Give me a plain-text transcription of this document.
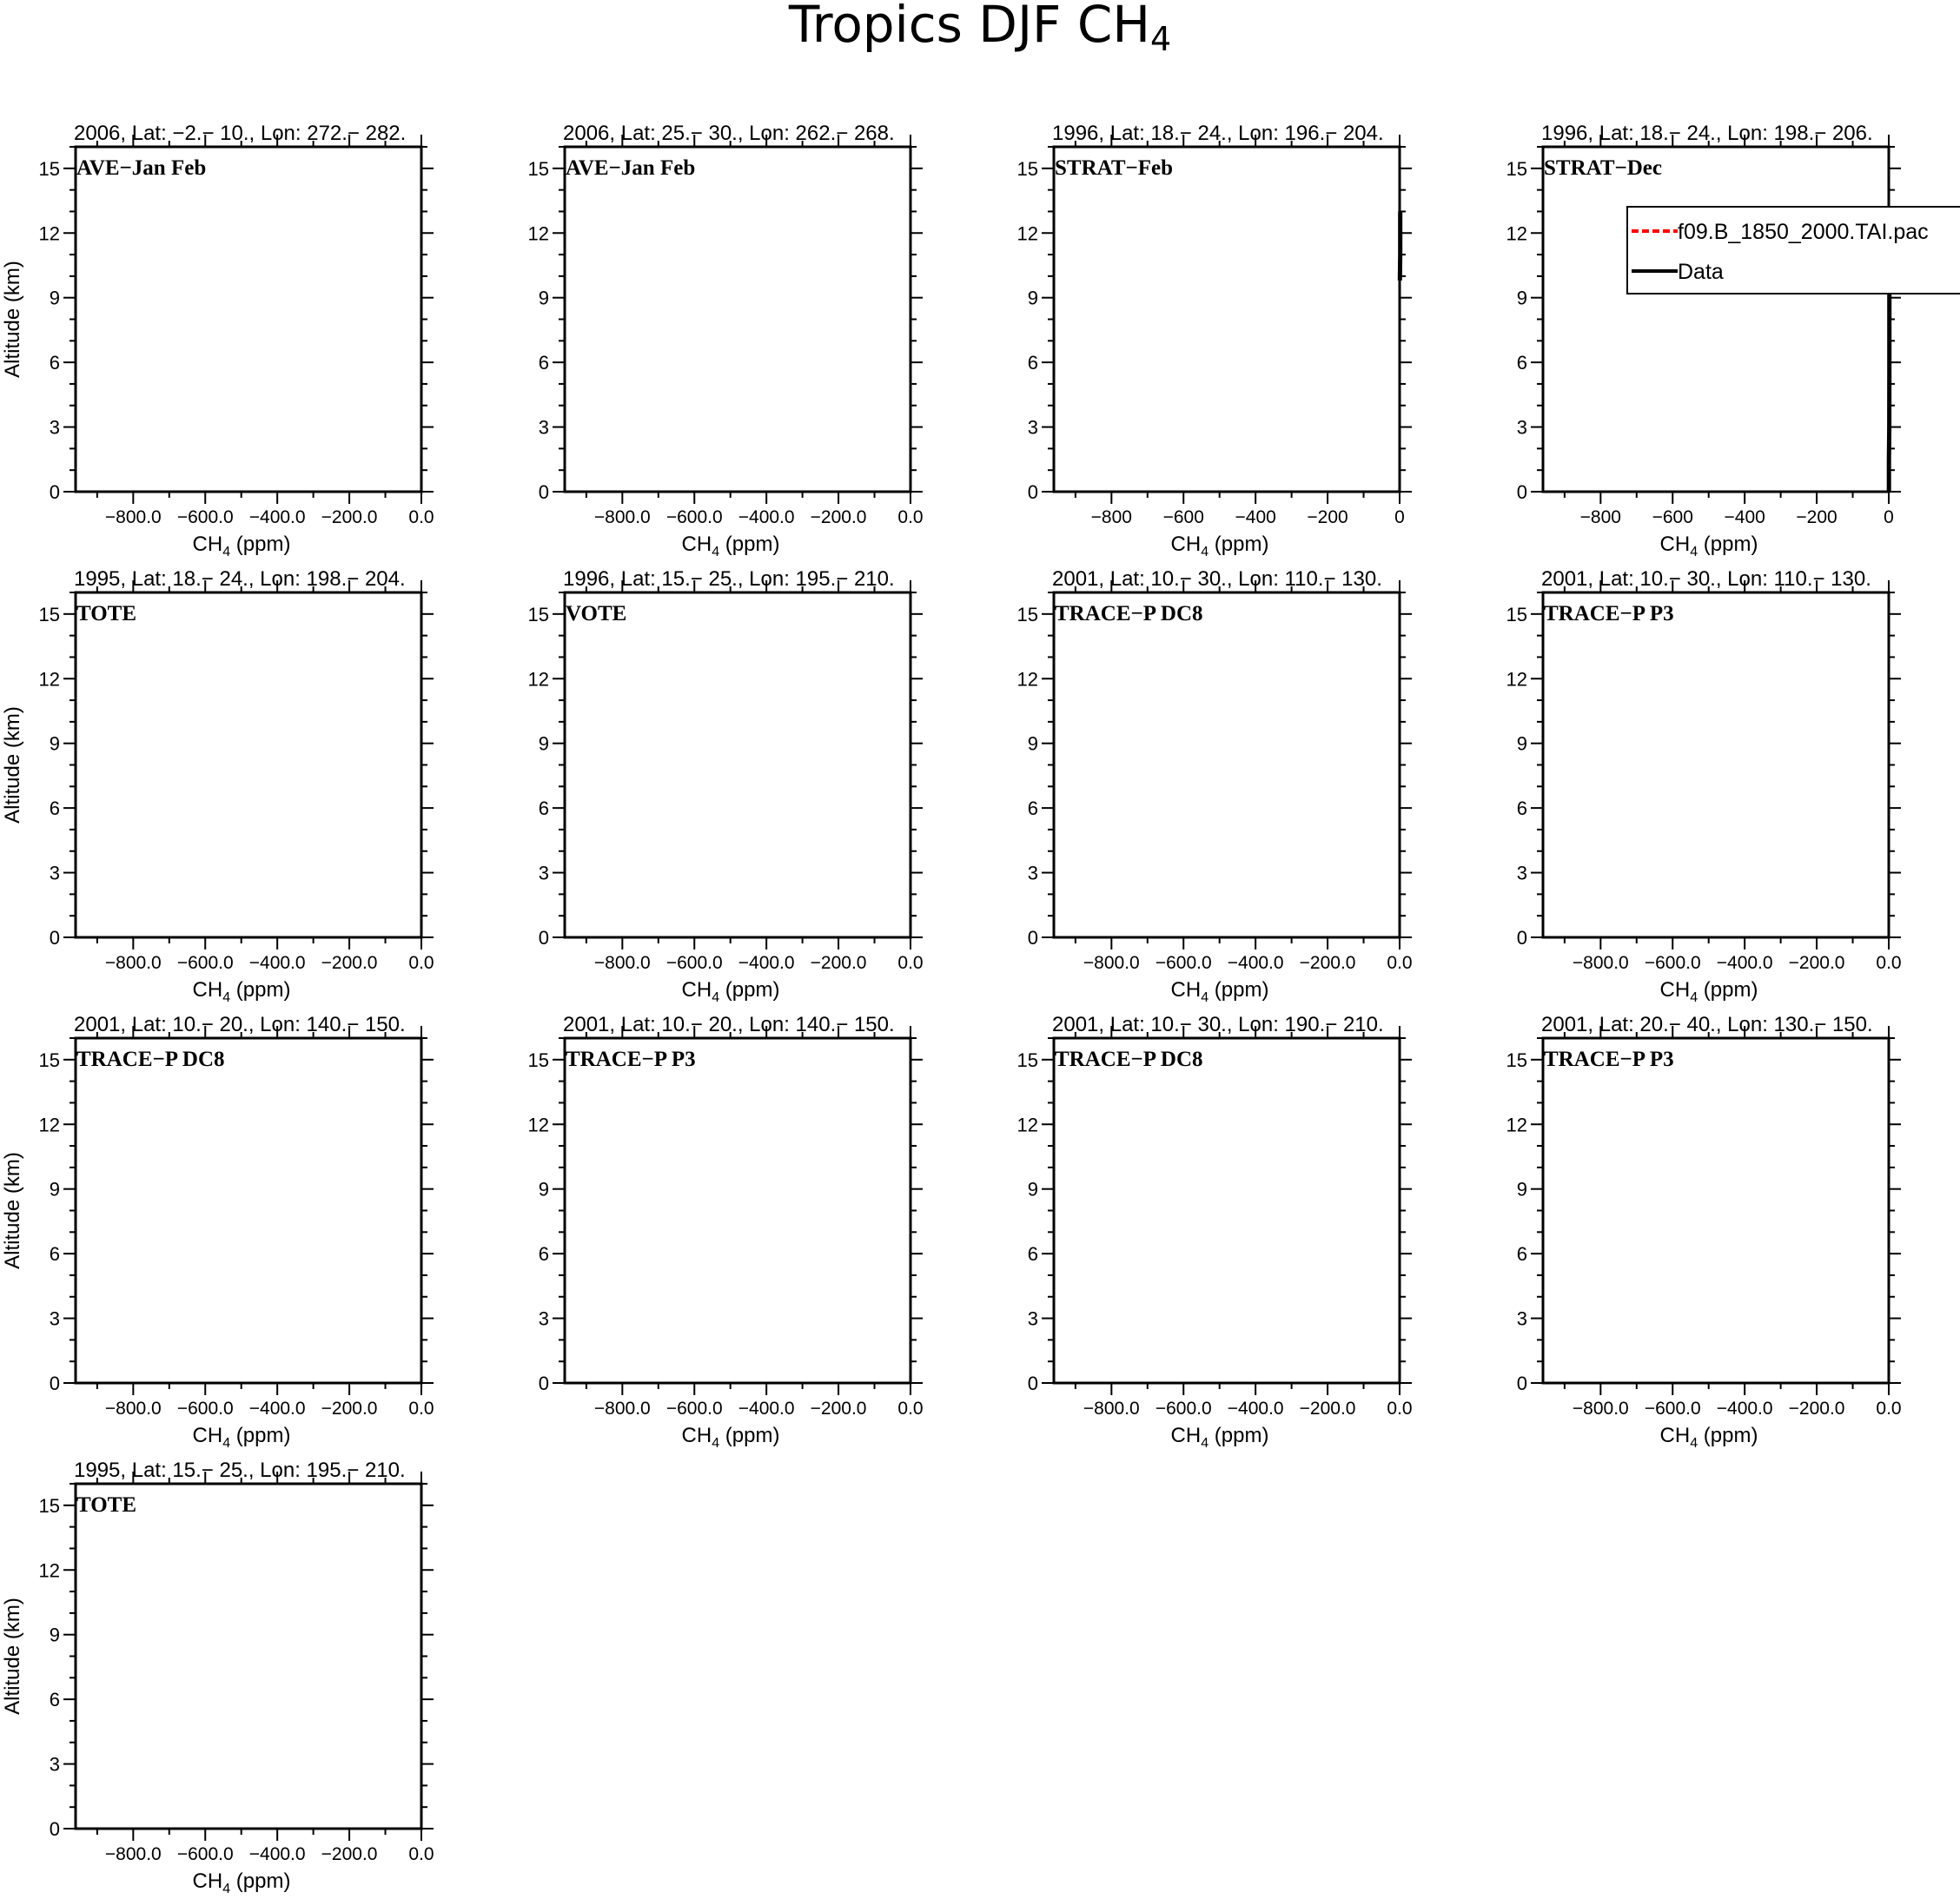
Tropics DJF CH4
2006, Lat: −2.− 10., Lon: 272.− 282.
AVE−Jan Feb
0
3
6
9
12
15
−800.0 −600.0 −400.0 −200.0 0.0
$CH_4$ (ppm)
Altitude (km)
2006, Lat: 25.− 30., Lon: 262.− 268.
AVE−Jan Feb
0
3
6
9
12
15
−800.0 −600.0 −400.0 −200.0 0.0
$CH_4$ (ppm)
1996, Lat: 18.− 24., Lon: 196.− 204.
STRAT−Feb
0
3
6
9
12
15
−800 −600 −400 −200	0
$CH_4$ (ppm)
1996, Lat: 18.− 24., Lon: 198.− 206.
STRAT−Dec
0
3
6
9
12
15
−800 −600 −400 −200	0
$CH_4$ (ppm)
f09.B_1850_2000.TAI.pac
Data
1995, Lat: 18.− 24., Lon: 198.− 204.
TOTE
0
3
6
9
12
15
−800.0 −600.0 −400.0 −200.0 0.0
$CH_4$ (ppm)
Altitude (km)
1996, Lat: 15.− 25., Lon: 195.− 210.
VOTE
0
3
6
9
12
15
−800.0 −600.0 −400.0 −200.0 0.0
$CH_4$ (ppm)
2001, Lat: 10.− 30., Lon: 110.− 130.
TRACE−P DC8
0
3
6
9
12
15
−800.0 −600.0 −400.0 −200.0 0.0
$CH_4$ (ppm)
2001, Lat: 10.− 30., Lon: 110.− 130.
TRACE−P P3
0
3
6
9
12
15
−800.0 −600.0 −400.0 −200.0 0.0
$CH_4$ (ppm)
2001, Lat: 10.− 20., Lon: 140.− 150.
TRACE−P DC8
0
3
6
9
12
15
−800.0 −600.0 −400.0 −200.0 0.0
$CH_4$ (ppm)
Altitude (km)
2001, Lat: 10.− 20., Lon: 140.− 150.
TRACE−P P3
0
3
6
9
12
15
−800.0 −600.0 −400.0 −200.0 0.0
$CH_4$ (ppm)
2001, Lat: 10.− 30., Lon: 190.− 210.
TRACE−P DC8
0
3
6
9
12
15
−800.0 −600.0 −400.0 −200.0 0.0
$CH_4$ (ppm)
2001, Lat: 20.− 40., Lon: 130.− 150.
TRACE−P P3
0
3
6
9
12
15
−800.0 −600.0 −400.0 −200.0 0.0
$CH_4$ (ppm)
1995, Lat: 15.− 25., Lon: 195.− 210.
TOTE
0
3
6
9
12
15
−800.0 −600.0 −400.0 −200.0 0.0
$CH_4$ (ppm)
Altitude (km)
